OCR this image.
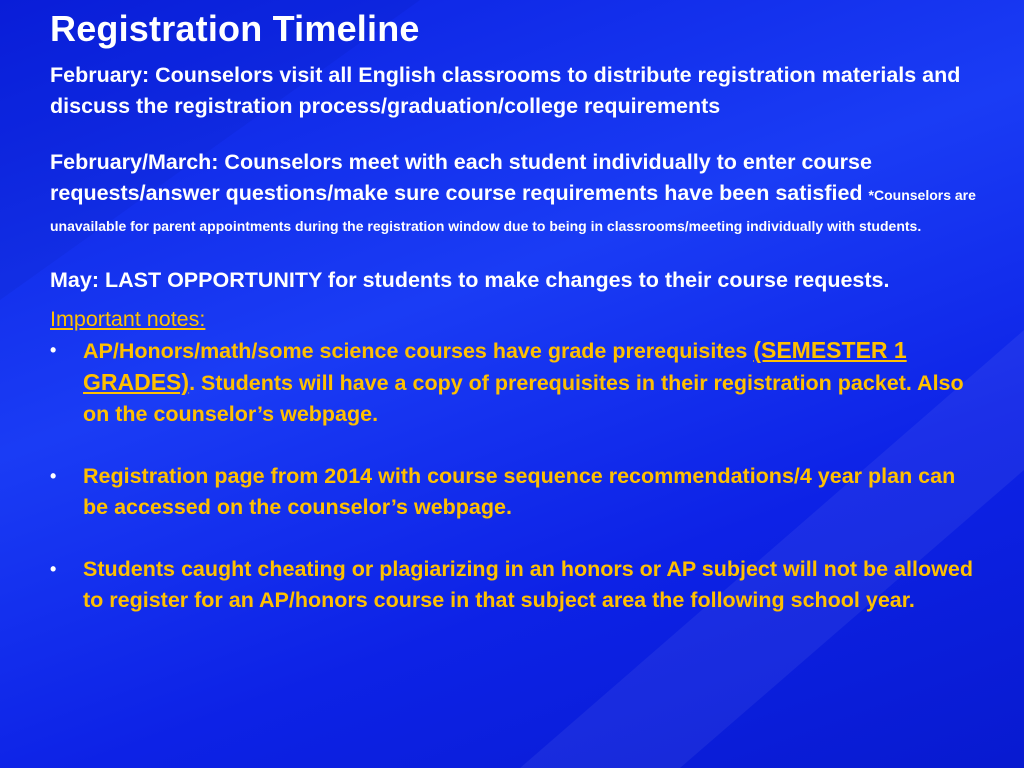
Registration Timeline

February: Counselors visit all English classrooms to distribute registration materials and discuss the registration process/graduation/college requirements

February/March: Counselors meet with each student individually to enter course requests/answer questions/make sure course requirements have been satisfied *Counselors are unavailable for parent appointments during the registration window due to being in classrooms/meeting individually with students.

May: LAST OPPORTUNITY for students to make changes to their course requests.

Important notes:

• AP/Honors/math/some science courses have grade prerequisites (SEMESTER 1 GRADES). Students will have a copy of prerequisites in their registration packet. Also on the counselor’s webpage.
• Registration page from 2014 with course sequence recommendations/4 year plan can be accessed on the counselor’s webpage.
• Students caught cheating or plagiarizing in an honors or AP subject will not be allowed to register for an AP/honors course in that subject area the following school year.
